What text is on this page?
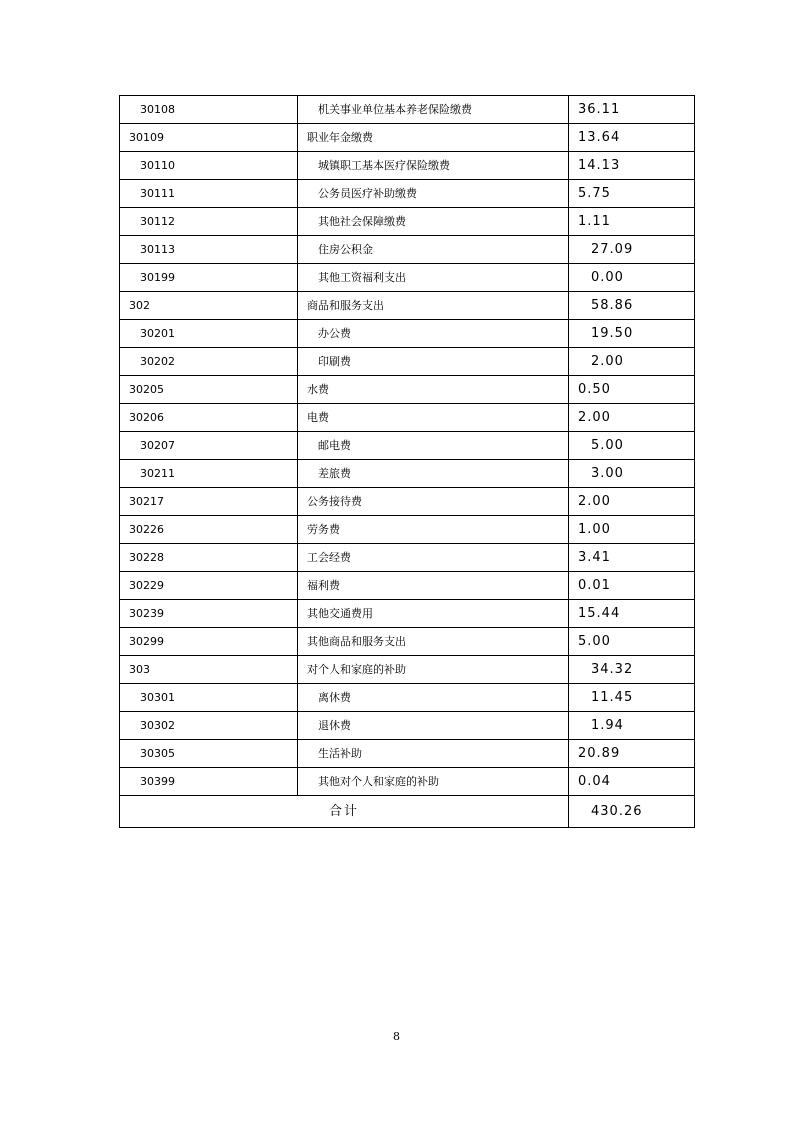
30108	机关事业单位基本养老保险缴费	36.11
30109	职业年金缴费	13.64
30110	城镇职工基本医疗保险缴费	14.13
30111	公务员医疗补助缴费	5.75
30112	其他社会保障缴费	1.11
30113	住房公积金	27.09
30199	其他工资福利支出	0.00
302	商品和服务支出	58.86
30201	办公费	19.50
30202	印刷费	2.00
30205	水费	0.50
30206	电费	2.00
30207	邮电费	5.00
30211	差旅费	3.00
30217	公务接待费	2.00
30226	劳务费	1.00
30228	工会经费	3.41
30229	福利费	0.01
30239	其他交通费用	15.44
30299	其他商品和服务支出	5.00
303	对个人和家庭的补助	34.32
30301	离休费	11.45
30302	退休费	1.94
30305	生活补助	20.89
30399	其他对个人和家庭的补助	0.04
合计		430.26
8
